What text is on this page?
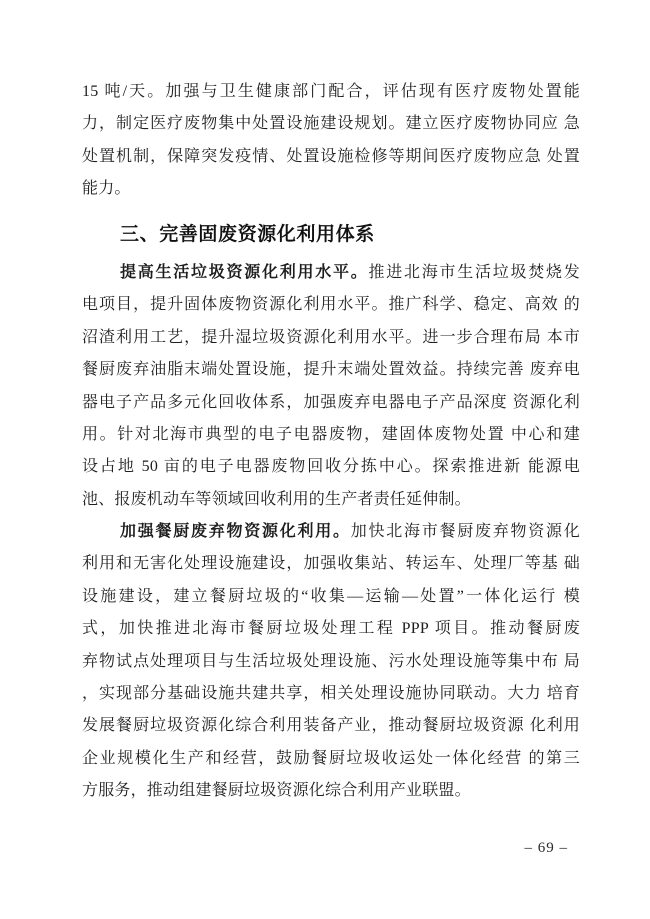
15 吨/天。加强与卫生健康部门配合，评估现有医疗废物处置能
力，制定医疗废物集中处置设施建设规划。建立医疗废物协同应 急
处置机制，保障突发疫情、处置设施检修等期间医疗废物应急 处置
能力。
三、完善固废资源化利用体系
提高生活垃圾资源化利用水平。推进北海市生活垃圾焚烧发
电项目，提升固体废物资源化利用水平。推广科学、稳定、高效 的
沼渣利用工艺，提升湿垃圾资源化利用水平。进一步合理布局 本市
餐厨废弃油脂末端处置设施，提升末端处置效益。持续完善 废弃电
器电子产品多元化回收体系，加强废弃电器电子产品深度 资源化利
用。针对北海市典型的电子电器废物，建固体废物处置 中心和建
设占地 50 亩的电子电器废物回收分拣中心。探索推进新 能源电
池、报废机动车等领域回收利用的生产者责任延伸制。
加强餐厨废弃物资源化利用。加快北海市餐厨废弃物资源化
利用和无害化处理设施建设，加强收集站、转运车、处理厂等基 础
设施建设，建立餐厨垃圾的“收集—运输—处置”一体化运行 模
式，加快推进北海市餐厨垃圾处理工程 PPP 项目。推动餐厨废
弃物试点处理项目与生活垃圾处理设施、污水处理设施等集中布 局
，实现部分基础设施共建共享，相关处理设施协同联动。大力 培育
发展餐厨垃圾资源化综合利用装备产业，推动餐厨垃圾资源 化利用
企业规模化生产和经营，鼓励餐厨垃圾收运处一体化经营 的第三
方服务，推动组建餐厨垃圾资源化综合利用产业联盟。
– 69 –
